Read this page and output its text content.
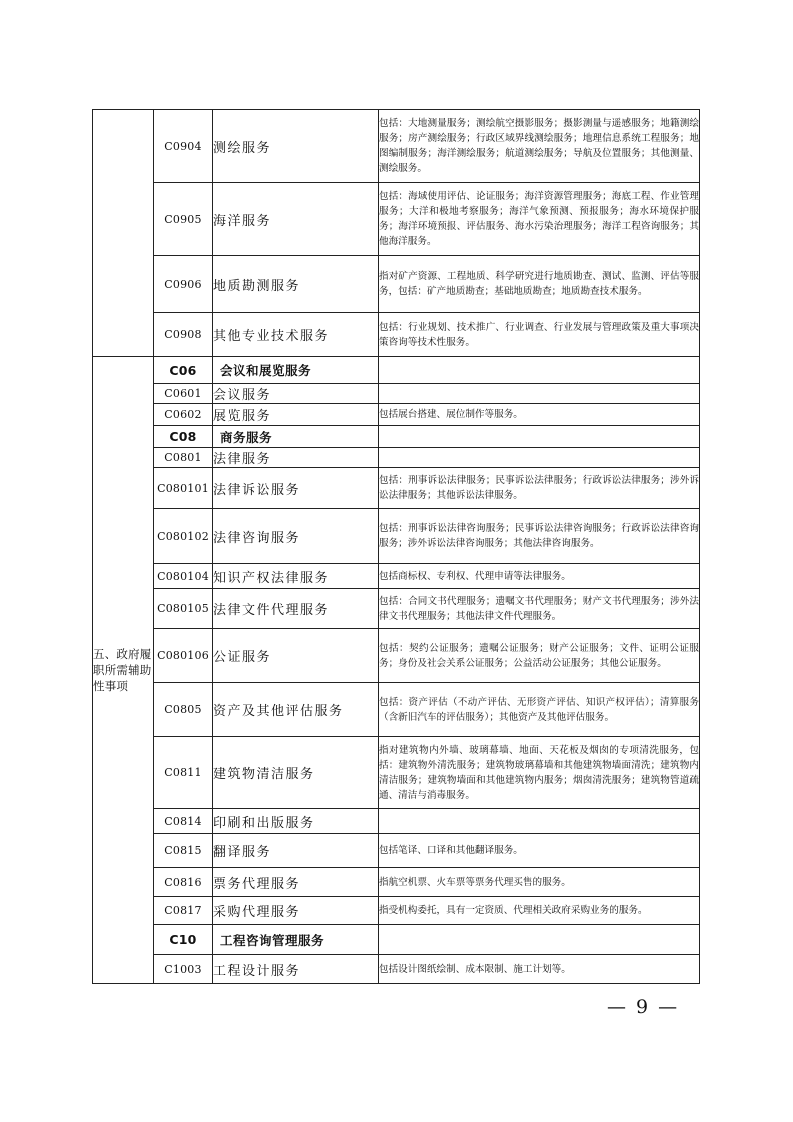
	C0904	测绘服务	包括：大地测量服务；测绘航空摄影服务；摄影测量与遥感服务；地籍测绘服务；房产测绘服务；行政区域界线测绘服务；地理信息系统工程服务；地图编制服务；海洋测绘服务；航道测绘服务；导航及位置服务；其他测量、测绘服务。
	C0905	海洋服务	包括：海域使用评估、论证服务；海洋资源管理服务；海底工程、作业管理服务；大洋和极地考察服务；海洋气象预测、预报服务；海水环境保护服务；海洋环境预报、评估服务、海水污染治理服务；海洋工程咨询服务；其他海洋服务。
	C0906	地质勘测服务	指对矿产资源、工程地质、科学研究进行地质勘查、测试、监测、评估等服务，包括：矿产地质勘查；基础地质勘查；地质勘查技术服务。
	C0908	其他专业技术服务	包括：行业规划、技术推广、行业调查、行业发展与管理政策及重大事项决策咨询等技术性服务。
五、政府履职所需辅助性事项	C06	会议和展览服务	
	C0601	会议服务	
	C0602	展览服务	包括展台搭建、展位制作等服务。
	C08	商务服务	
	C0801	法律服务	
	C080101	法律诉讼服务	包括：刑事诉讼法律服务；民事诉讼法律服务；行政诉讼法律服务；涉外诉讼法律服务；其他诉讼法律服务。
	C080102	法律咨询服务	包括：刑事诉讼法律咨询服务；民事诉讼法律咨询服务；行政诉讼法律咨询服务；涉外诉讼法律咨询服务；其他法律咨询服务。
	C080104	知识产权法律服务	包括商标权、专利权、代理申请等法律服务。
	C080105	法律文件代理服务	包括：合同文书代理服务；遗嘱文书代理服务；财产文书代理服务；涉外法律文书代理服务；其他法律文件代理服务。
	C080106	公证服务	包括：契约公证服务；遗嘱公证服务；财产公证服务；文件、证明公证服务；身份及社会关系公证服务；公益活动公证服务；其他公证服务。
	C0805	资产及其他评估服务	包括：资产评估（不动产评估、无形资产评估、知识产权评估）；清算服务（含新旧汽车的评估服务）；其他资产及其他评估服务。
	C0811	建筑物清洁服务	指对建筑物内外墙、玻璃幕墙、地面、天花板及烟囱的专项清洗服务，包括：建筑物外清洗服务；建筑物玻璃幕墙和其他建筑物墙面清洗；建筑物内清洁服务；建筑物墙面和其他建筑物内服务；烟囱清洗服务；建筑物管道疏通、清洁与消毒服务。
	C0814	印刷和出版服务	
	C0815	翻译服务	包括笔译、口译和其他翻译服务。
	C0816	票务代理服务	指航空机票、火车票等票务代理买售的服务。
	C0817	采购代理服务	指受机构委托，具有一定资质、代理相关政府采购业务的服务。
	C10	工程咨询管理服务	
	C1003	工程设计服务	包括设计图纸绘制、成本限制、施工计划等。
— 9 —
